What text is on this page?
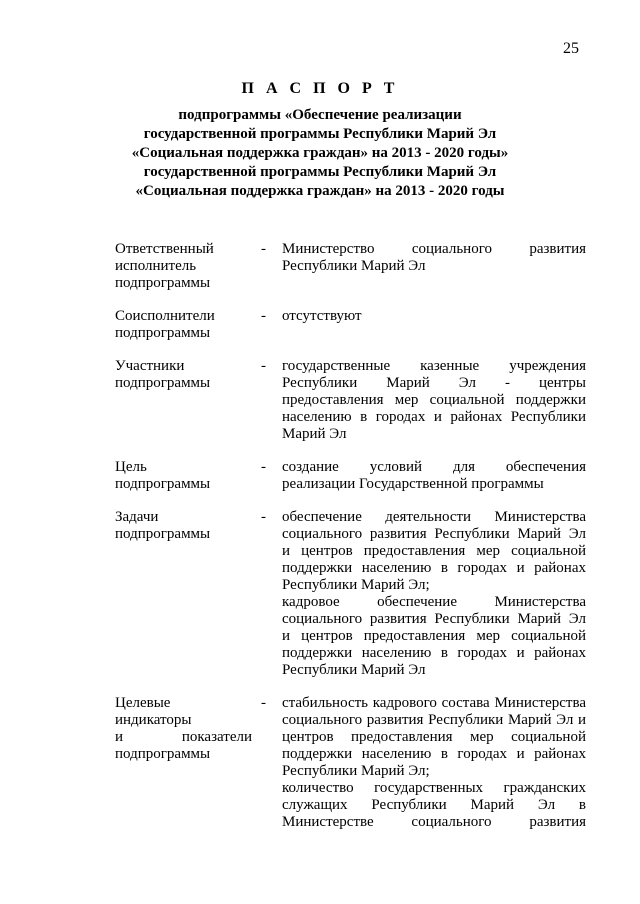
25
П А С П О Р Т
подпрограммы «Обеспечение реализации
государственной программы Республики Марий Эл
«Социальная поддержка граждан» на 2013 - 2020 годы»
государственной программы Республики Марий Эл
«Социальная поддержка граждан» на 2013 - 2020 годы
Ответственный
исполнитель
подпрограммы
-	Министерство социального развития
Республики Марий Эл
Соисполнители
подпрограммы
-	отсутствуют
Участники
подпрограммы
-	государственные казенные учреждения
Республики Марий Эл - центры
предоставления мер социальной поддержки
населению в городах и районах Республики
Марий Эл
Цель
подпрограммы
-	создание условий для обеспечения
реализации Государственной программы
Задачи
подпрограммы
-	обеспечение деятельности Министерства
социального развития Республики Марий Эл
и центров предоставления мер социальной
поддержки населению в городах и районах
Республики Марий Эл;
кадровое обеспечение Министерства
социального развития Республики Марий Эл
и центров предоставления мер социальной
поддержки населению в городах и районах
Республики Марий Эл
Целевые
индикаторы
и показатели
подпрограммы
-	стабильность кадрового состава Министерства
социального развития Республики Марий Эл и
центров предоставления мер социальной
поддержки населению в городах и районах
Республики Марий Эл;
количество государственных гражданских
служащих Республики Марий Эл в
Министерстве социального развития
